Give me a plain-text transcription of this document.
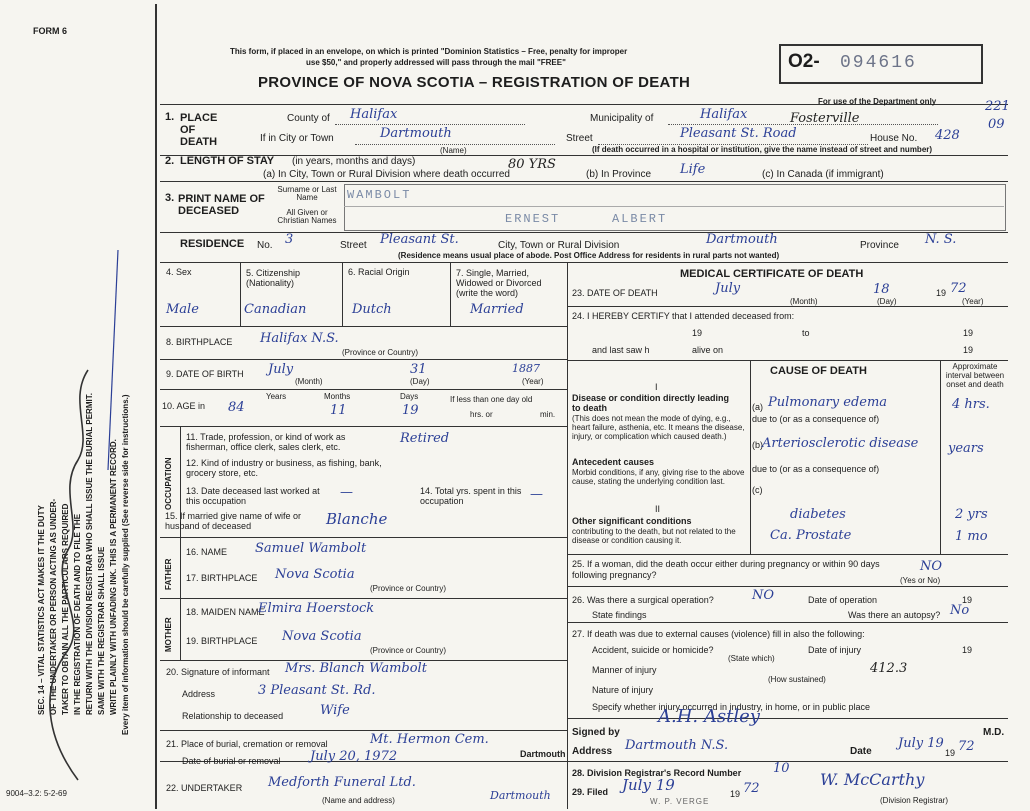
FORM 6
This form, if placed in an envelope, on which is printed "Dominion Statistics – Free, penalty for improper
use $50," and properly addressed will pass through the mail "FREE"
PROVINCE OF NOVA SCOTIA – REGISTRATION OF DEATH
O2- 094616
For use of the Department only	221
09
SEC. 14 – VITAL STATISTICS ACT MAKES IT THE DUTY OF THE UNDERTAKER OR PERSON ACTING AS UNDER- TAKER TO OBTAIN ALL THE PARTICULARS REQUIRED IN THE REGISTRATION OF DEATH AND TO FILE THE RETURN WITH THE DIVISION REGISTRAR WHO SHALL ISSUE THE BURIAL PERMIT. SAME WITH THE REGISTRAR SHALL ISSUE WRITE PLAINLY WITH UNFADING INK. THIS IS A PERMANENT RECORD. Every item of information should be carefully supplied (See reverse side for instructions.)
9004–3.2: 5-2-69
1. PLACE OF DEATH
County of Halifax	Municipality of	Halifax	Fosterville
If in City or Town	Dartmouth
(Name)
Street	Pleasant St. Road	House No. 428
(If death occurred in a hospital or institution, give the name instead of street and number)
2. LENGTH OF STAY (in years, months and days)
(a) In City, Town or Rural Division where death occurred
80 YRS
(b) In Province Life	(c) In Canada (if immigrant)
3. PRINT NAME OF DECEASED
Surname or Last Name
All Given or Christian Names
WAMBOLT
ERNEST	ALBERT
RESIDENCE No. 3	Street Pleasant St.	City, Town or Rural Division	Dartmouth	Province N. S.
(Residence means usual place of abode. Post Office Address for residents in rural parts not wanted)
4. Sex
Male
5. Citizenship (Nationality)
Canadian
6. Racial Origin
Dutch
7. Single, Married, Widowed or Divorced (write the word)
Married
8. BIRTHPLACE Halifax N.S.
(Province or Country)
9. DATE OF BIRTH July	31	1887
(Month)	(Day)	(Year)
10. AGE in
Years	Months	Days
84	11	19
If less than one day old
hrs. or	min.
OCCUPATION
11. Trade, profession, or kind of work as fisherman, office clerk, sales clerk, etc.
Retired
12. Kind of industry or business, as fishing, bank, grocery store, etc.
13. Date deceased last worked at this occupation
—	14. Total yrs. spent in this occupation	—
15. If married give name of wife or husband of deceased	Blanche
FATHER
16. NAME Samuel Wambolt
17. BIRTHPLACE Nova Scotia
(Province or Country)
MOTHER
18. MAIDEN NAME
Elmira Hoerstock
19. BIRTHPLACE Nova Scotia
(Province or Country)
20. Signature of informant Mrs. Blanch Wambolt
Address	3 Pleasant St. Rd.
Relationship to deceased	Wife
21. Place of burial, cremation or removal	Mt. Hermon Cem.
Dartmouth
Date of burial or removal July 20, 1972
22. UNDERTAKER Medforth Funeral Ltd.
Dartmouth
(Name and address)
MEDICAL CERTIFICATE OF DEATH
23. DATE OF DEATH	July	18	19 72
(Month)	(Day)	(Year)
24. I HEREBY CERTIFY that I attended deceased from:
19	to	19
and last saw h	alive on	19
CAUSE OF DEATH	Approximate interval between onset and death
I
Disease or condition directly leading to death
(This does not mean the mode of dying, e.g., heart failure, asthenia, etc. It means the disease, injury, or complication which caused death.)
(a) Pulmonary edema	4 hrs.
due to (or as a consequence of)
Antecedent causes
Morbid conditions, if any, giving rise to the above cause, stating the underlying condition last.
(b) Arteriosclerotic disease years
due to (or as a consequence of)
(c)
II
Other significant conditions
contributing to the death, but not related to the disease or condition causing it.
diabetes	2 yrs
Ca. Prostate	1 mo
25. If a woman, did the death occur either during pregnancy or within 90 days following pregnancy?
NO
(Yes or No)
26. Was there a surgical operation?	NO	Date of operation	19
State findings	Was there an autopsy? No
27. If death was due to external causes (violence) fill in also the following:
Accident, suicide or homicide?	Date of injury	19
(State which)
412.3
Manner of injury
(How sustained)
Nature of injury
Specify whether injury occurred in industry, in home, or in public place
Signed by
A.H. Astley
M.D.
Address Dartmouth N.S.	Date
July 19
19 72
28. Division Registrar's Record Number 10
29. Filed July 19	19 72	W. McCarthy
(Division Registrar)
W. P. VERGE
